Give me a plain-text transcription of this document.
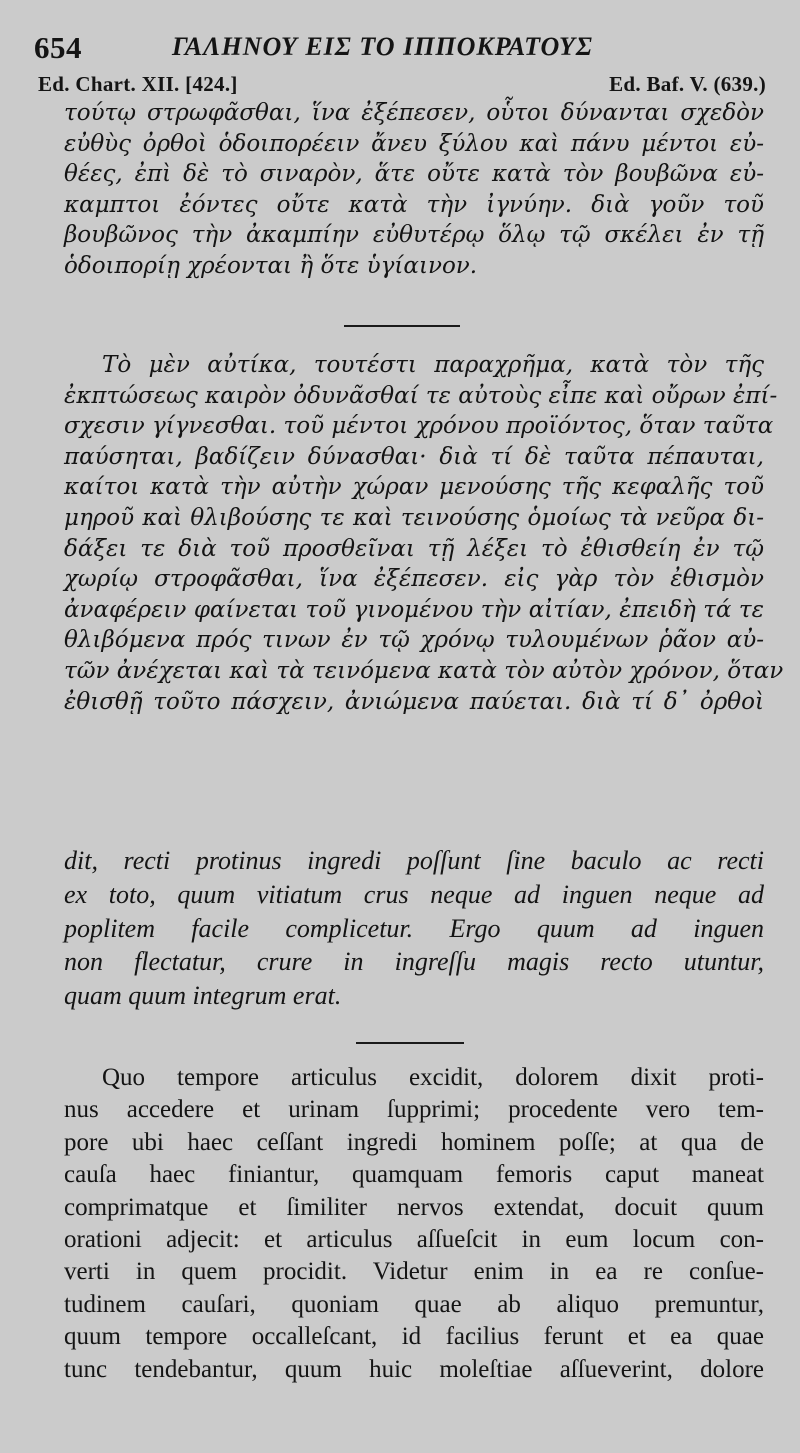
654	ΓΑΛΗΝΟΥ ΕΙΣ ΤΟ ΙΠΠΟΚΡΑΤΟΥΣ
Ed. Chart. XII. [424.]	Ed. Baf. V. (639.)
τούτῳ στρωφᾶσθαι, ἵνα ἐξέπεσεν, οὗτοι δύνανται σχεδὸν
εὐθὺς ὀρθοὶ ὁδοιπορέειν ἄνευ ξύλου καὶ πάνυ μέντοι εὐ-
θέες, ἐπὶ δὲ τὸ σιναρὸν, ἅτε οὔτε κατὰ τὸν βουβῶνα εὐ-
καμπτοι ἐόντες οὔτε κατὰ τὴν ἰγνύην. διὰ γοῦν τοῦ
βουβῶνος τὴν ἀκαμπίην εὐθυτέρῳ ὅλῳ τῷ σκέλει ἐν τῇ
ὁδοιπορίῃ χρέονται ἢ ὅτε ὑγίαινον.
Τὸ μὲν αὐτίκα, τουτέστι παραχρῆμα, κατὰ τὸν τῆς
ἐκπτώσεως καιρὸν ὀδυνᾶσθαί τε αὐτοὺς εἶπε καὶ οὔρων ἐπί-
σχεσιν γίγνεσθαι. τοῦ μέντοι χρόνου προϊόντος, ὅταν ταῦτα
παύσηται, βαδίζειν δύνασθαι· διὰ τί δὲ ταῦτα πέπαυται,
καίτοι κατὰ τὴν αὐτὴν χώραν μενούσης τῆς κεφαλῆς τοῦ
μηροῦ καὶ θλιβούσης τε καὶ τεινούσης ὁμοίως τὰ νεῦρα δι-
δάξει τε διὰ τοῦ προσθεῖναι τῇ λέξει τὸ ἐθισθείη ἐν τῷ
χωρίῳ στροφᾶσθαι, ἵνα ἐξέπεσεν. εἰς γὰρ τὸν ἐθισμὸν
ἀναφέρειν φαίνεται τοῦ γινομένου τὴν αἰτίαν, ἐπειδὴ τά τε
θλιβόμενα πρός τινων ἐν τῷ χρόνῳ τυλουμένων ῥᾶον αὐ-
τῶν ἀνέχεται καὶ τὰ τεινόμενα κατὰ τὸν αὐτὸν χρόνον, ὅταν
ἐθισθῇ τοῦτο πάσχειν, ἀνιώμενα παύεται. διὰ τί δ᾽ ὀρθοὶ
dit, recti protinus ingredi poſſunt ſine baculo ac recti
ex toto, quum vitiatum crus neque ad inguen neque ad
poplitem facile complicetur. Ergo quum ad inguen
non flectatur, crure in ingreſſu magis recto utuntur,
quam quum integrum erat.
Quo tempore articulus excidit, dolorem dixit proti-
nus accedere et urinam ſupprimi; procedente vero tem-
pore ubi haec ceſſant ingredi hominem poſſe; at qua de
cauſa haec finiantur, quamquam femoris caput maneat
comprimatque et ſimiliter nervos extendat, docuit quum
orationi adjecit: et articulus aſſueſcit in eum locum con-
verti in quem procidit. Videtur enim in ea re conſue-
tudinem cauſari, quoniam quae ab aliquo premuntur,
quum tempore occalleſcant, id facilius ferunt et ea quae
tunc tendebantur, quum huic moleſtiae aſſueverint, dolore
